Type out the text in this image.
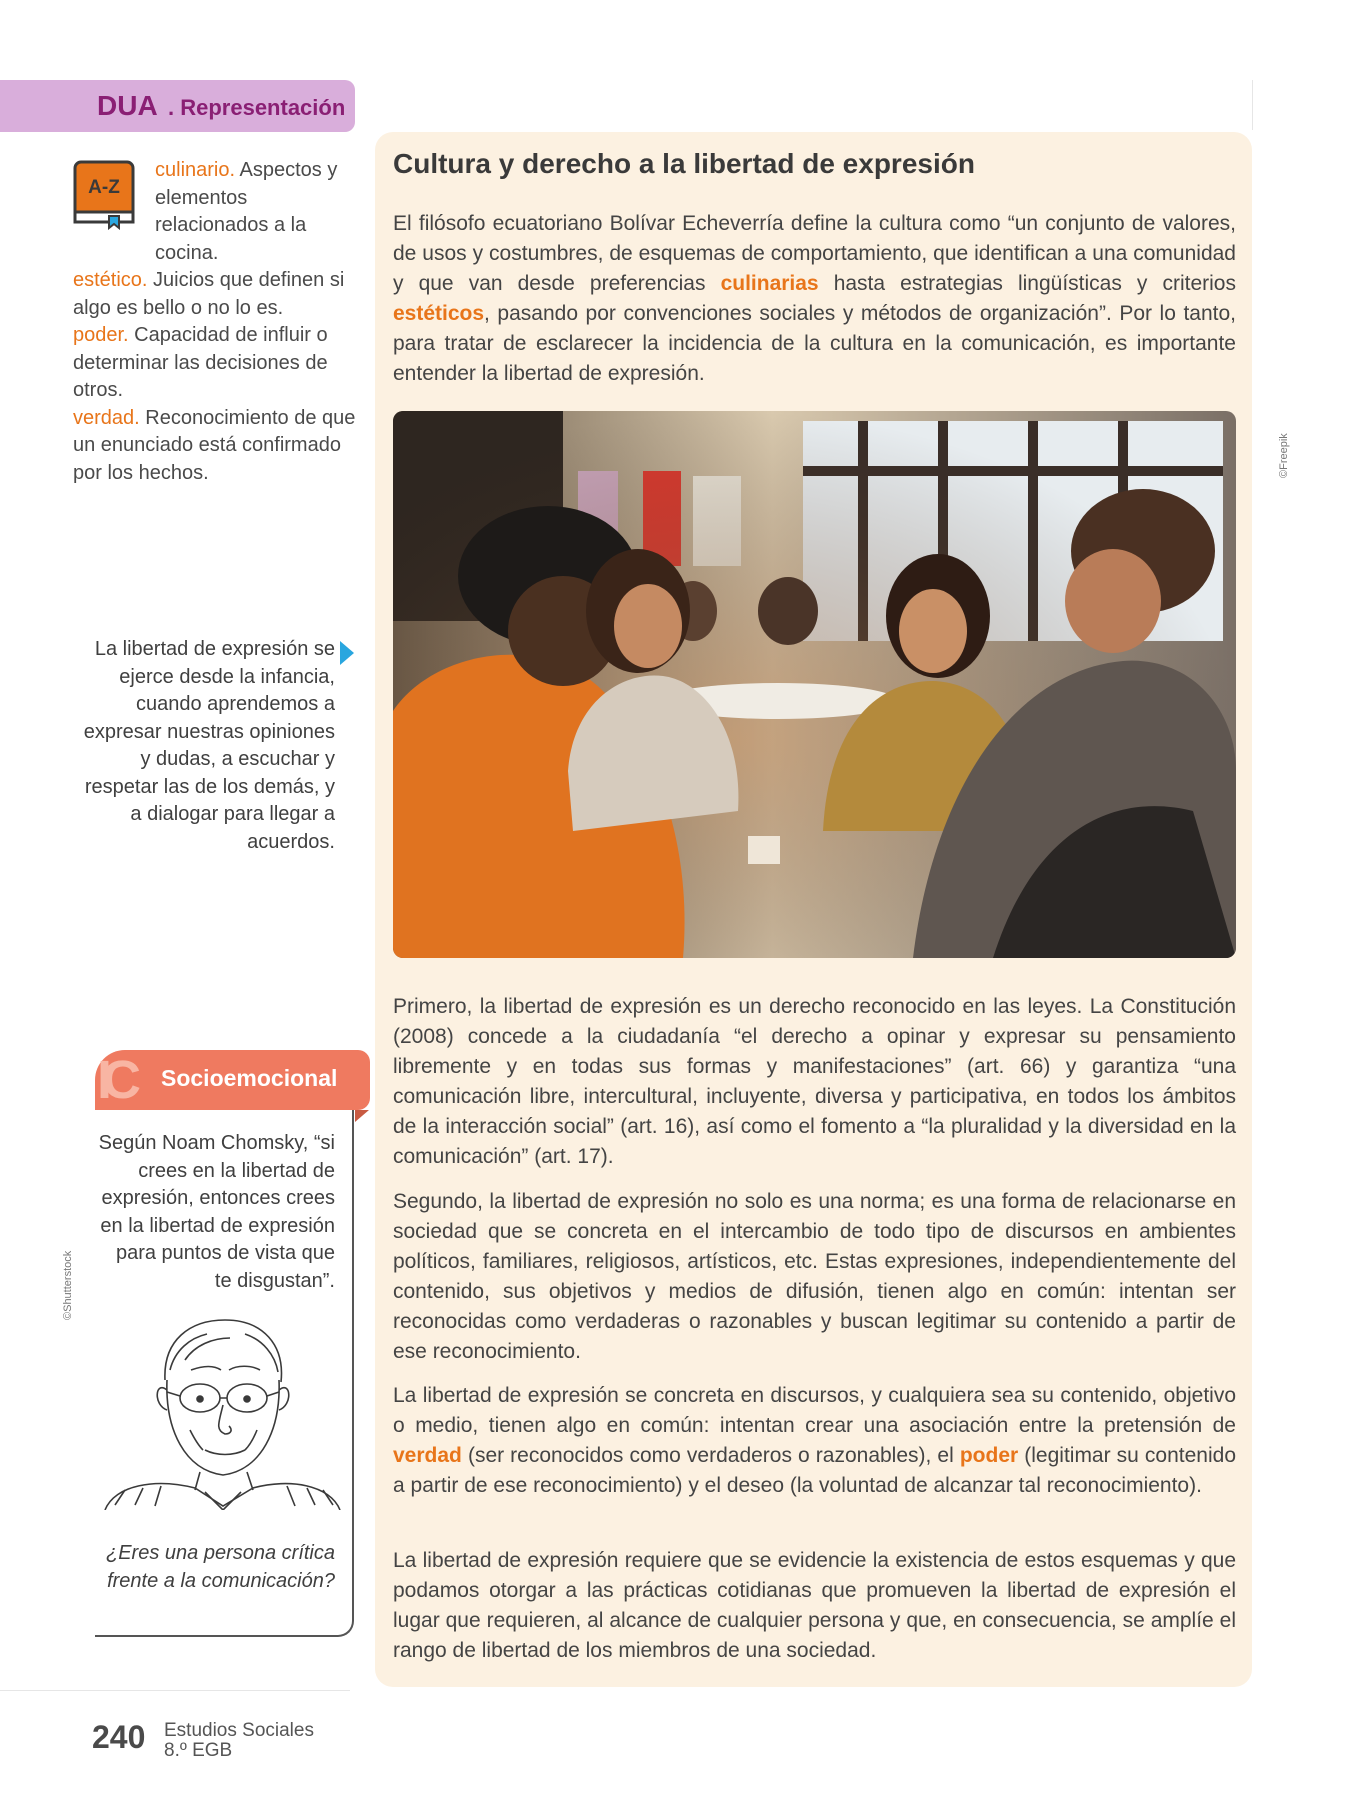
DUA . Representación
A-Z

culinario. Aspectos y elementos relacionados a la cocina.

estético. Juicios que definen si algo es bello o no lo es.

poder. Capacidad de influir o determinar las decisiones de otros.

verdad. Reconocimiento de que un enunciado está confirmado por los hechos.

La libertad de expresión se ejerce desde la infancia, cuando aprendemos a expresar nuestras opiniones y dudas, a escuchar y respetar las de los demás, y a dialogar para llegar a acuerdos.
IC Socioemocional
Según Noam Chomsky, “si crees en la libertad de expresión, entonces crees en la libertad de expresión para puntos de vista que te disgustan”.
©Shutterstock
¿Eres una persona crítica frente a la comunicación?
Cultura y derecho a la libertad de expresión

El filósofo ecuatoriano Bolívar Echeverría define la cultura como “un conjunto de valores, de usos y costumbres, de esquemas de comportamiento, que identifican a una comunidad y que van desde preferencias culinarias hasta estrategias lingüísticas y criterios estéticos, pasando por convenciones sociales y métodos de organización”. Por lo tanto, para tratar de esclarecer la incidencia de la cultura en la comunicación, es importante entender la libertad de expresión.

©Freepik

Primero, la libertad de expresión es un derecho reconocido en las leyes. La Constitución (2008) concede a la ciudadanía “el derecho a opinar y expresar su pensamiento libremente y en todas sus formas y manifestaciones” (art. 66) y garantiza “una comunicación libre, intercultural, incluyente, diversa y participativa, en todos los ámbitos de la interacción social” (art. 16), así como el fomento a “la pluralidad y la diversidad en la comunicación” (art. 17).

Segundo, la libertad de expresión no solo es una norma; es una forma de relacionarse en sociedad que se concreta en el intercambio de todo tipo de discursos en ambientes políticos, familiares, religiosos, artísticos, etc. Estas expresiones, independientemente del contenido, sus objetivos y medios de difusión, tienen algo en común: intentan ser reconocidas como verdaderas o razonables y buscan legitimar su contenido a partir de ese reconocimiento.

La libertad de expresión se concreta en discursos, y cualquiera sea su contenido, objetivo o medio, tienen algo en común: intentan crear una asociación entre la pretensión de verdad (ser reconocidos como verdaderos o razonables), el poder (legitimar su contenido a partir de ese reconocimiento) y el deseo (la voluntad de alcanzar tal reconocimiento).

La libertad de expresión requiere que se evidencie la existencia de estos esquemas y que podamos otorgar a las prácticas cotidianas que promueven la libertad de expresión el lugar que requieren, al alcance de cualquier persona y que, en consecuencia, se amplíe el rango de libertad de los miembros de una sociedad.

240 Estudios Sociales
8.º EGB
